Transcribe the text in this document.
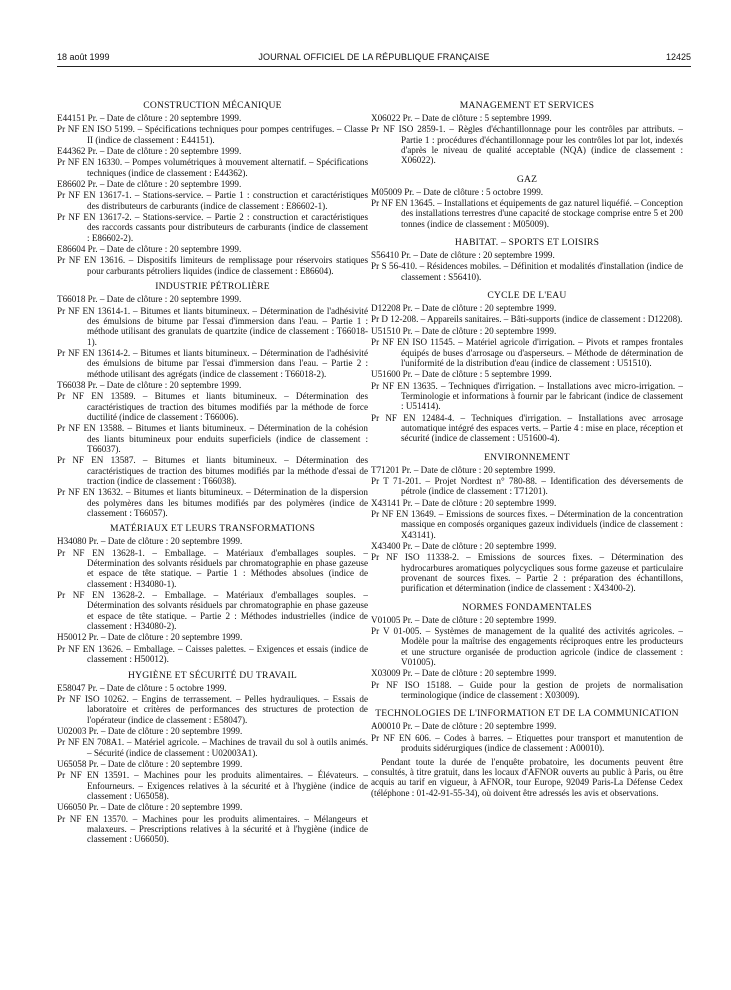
18 août 1999	JOURNAL OFFICIEL DE LA RÉPUBLIQUE FRANÇAISE	12425
CONSTRUCTION MÉCANIQUE
E44151 Pr. – Date de clôture : 20 septembre 1999.
Pr NF EN ISO 5199. – Spécifications techniques pour pompes centrifuges. – Classe II (indice de classement : E44151).
E44362 Pr. – Date de clôture : 20 septembre 1999.
Pr NF EN 16330. – Pompes volumétriques à mouvement alternatif. – Spécifications techniques (indice de classement : E44362).
E86602 Pr. – Date de clôture : 20 septembre 1999.
Pr NF EN 13617-1. – Stations-service. – Partie 1 : construction et caractéristiques des distributeurs de carburants (indice de classement : E86602-1).
Pr NF EN 13617-2. – Stations-service. – Partie 2 : construction et caractéristiques des raccords cassants pour distributeurs de carburants (indice de classement : E86602-2).
E86604 Pr. – Date de clôture : 20 septembre 1999.
Pr NF EN 13616. – Dispositifs limiteurs de remplissage pour réservoirs statiques pour carburants pétroliers liquides (indice de classement : E86604).
INDUSTRIE PÉTROLIÈRE
T66018 Pr. – Date de clôture : 20 septembre 1999.
Pr NF EN 13614-1. – Bitumes et liants bitumineux. – Détermination de l'adhésivité des émulsions de bitume par l'essai d'immersion dans l'eau. – Partie 1 : méthode utilisant des granulats de quartzite (indice de classement : T66018-1).
Pr NF EN 13614-2. – Bitumes et liants bitumineux. – Détermination de l'adhésivité des émulsions de bitume par l'essai d'immersion dans l'eau. – Partie 2 : méthode utilisant des agrégats (indice de classement : T66018-2).
T66038 Pr. – Date de clôture : 20 septembre 1999.
Pr NF EN 13589. – Bitumes et liants bitumineux. – Détermination des caractéristiques de traction des bitumes modifiés par la méthode de force ductilité (indice de classement : T66006).
Pr NF EN 13588. – Bitumes et liants bitumineux. – Détermination de la cohésion des liants bitumineux pour enduits superficiels (indice de classement : T66037).
Pr NF EN 13587. – Bitumes et liants bitumineux. – Détermination des caractéristiques de traction des bitumes modifiés par la méthode d'essai de traction (indice de classement : T66038).
Pr NF EN 13632. – Bitumes et liants bitumineux. – Détermination de la dispersion des polymères dans les bitumes modifiés par des polymères (indice de classement : T66057).
MATÉRIAUX ET LEURS TRANSFORMATIONS
H34080 Pr. – Date de clôture : 20 septembre 1999.
Pr NF EN 13628-1. – Emballage. – Matériaux d'emballages souples. – Détermination des solvants résiduels par chromatographie en phase gazeuse et espace de tête statique. – Partie 1 : Méthodes absolues (indice de classement : H34080-1).
Pr NF EN 13628-2. – Emballage. – Matériaux d'emballages souples. – Détermination des solvants résiduels par chromatographie en phase gazeuse et espace de tête statique. – Partie 2 : Méthodes industrielles (indice de classement : H34080-2).
H50012 Pr. – Date de clôture : 20 septembre 1999.
Pr NF EN 13626. – Emballage. – Caisses palettes. – Exigences et essais (indice de classement : H50012).
HYGIÈNE ET SÉCURITÉ DU TRAVAIL
E58047 Pr. – Date de clôture : 5 octobre 1999.
Pr NF ISO 10262. – Engins de terrassement. – Pelles hydrauliques. – Essais de laboratoire et critères de performances des structures de protection de l'opérateur (indice de classement : E58047).
U02003 Pr. – Date de clôture : 20 septembre 1999.
Pr NF EN 708A1. – Matériel agricole. – Machines de travail du sol à outils animés. – Sécurité (indice de classement : U02003A1).
U65058 Pr. – Date de clôture : 20 septembre 1999.
Pr NF EN 13591. – Machines pour les produits alimentaires. – Élévateurs. – Enfourneurs. – Exigences relatives à la sécurité et à l'hygiène (indice de classement : U65058).
U66050 Pr. – Date de clôture : 20 septembre 1999.
Pr NF EN 13570. – Machines pour les produits alimentaires. – Mélangeurs et malaxeurs. – Prescriptions relatives à la sécurité et à l'hygiène (indice de classement : U66050).
MANAGEMENT ET SERVICES
X06022 Pr. – Date de clôture : 5 septembre 1999.
Pr NF ISO 2859-1. – Règles d'échantillonnage pour les contrôles par attributs. – Partie 1 : procédures d'échantillonnage pour les contrôles lot par lot, indexés d'après le niveau de qualité acceptable (NQA) (indice de classement : X06022).
GAZ
M05009 Pr. – Date de clôture : 5 octobre 1999.
Pr NF EN 13645. – Installations et équipements de gaz naturel liquéfié. – Conception des installations terrestres d'une capacité de stockage comprise entre 5 et 200 tonnes (indice de classement : M05009).
HABITAT. – SPORTS ET LOISIRS
S56410 Pr. – Date de clôture : 20 septembre 1999.
Pr S 56-410. – Résidences mobiles. – Définition et modalités d'installation (indice de classement : S56410).
CYCLE DE L'EAU
D12208 Pr. – Date de clôture : 20 septembre 1999.
Pr D 12-208. – Appareils sanitaires. – Bâti-supports (indice de classement : D12208).
U51510 Pr. – Date de clôture : 20 septembre 1999.
Pr NF EN ISO 11545. – Matériel agricole d'irrigation. – Pivots et rampes frontales équipés de buses d'arrosage ou d'asperseurs. – Méthode de détermination de l'uniformité de la distribution d'eau (indice de classement : U51510).
U51600 Pr. – Date de clôture : 5 septembre 1999.
Pr NF EN 13635. – Techniques d'irrigation. – Installations avec micro-irrigation. – Terminologie et informations à fournir par le fabricant (indice de classement : U51414).
Pr NF EN 12484-4. – Techniques d'irrigation. – Installations avec arrosage automatique intégré des espaces verts. – Partie 4 : mise en place, réception et sécurité (indice de classement : U51600-4).
ENVIRONNEMENT
T71201 Pr. – Date de clôture : 20 septembre 1999.
Pr T 71-201. – Projet Nordtest n° 780-88. – Identification des déversements de pétrole (indice de classement : T71201).
X43141 Pr. – Date de clôture : 20 septembre 1999.
Pr NF EN 13649. – Emissions de sources fixes. – Détermination de la concentration massique en composés organiques gazeux individuels (indice de classement : X43141).
X43400 Pr. – Date de clôture : 20 septembre 1999.
Pr NF ISO 11338-2. – Emissions de sources fixes. – Détermination des hydrocarbures aromatiques polycycliques sous forme gazeuse et particulaire provenant de sources fixes. – Partie 2 : préparation des échantillons, purification et détermination (indice de classement : X43400-2).
NORMES FONDAMENTALES
V01005 Pr. – Date de clôture : 20 septembre 1999.
Pr V 01-005. – Systèmes de management de la qualité des activités agricoles. – Modèle pour la maîtrise des engagements réciproques entre les producteurs et une structure organisée de production agricole (indice de classement : V01005).
X03009 Pr. – Date de clôture : 20 septembre 1999.
Pr NF ISO 15188. – Guide pour la gestion de projets de normalisation terminologique (indice de classement : X03009).
TECHNOLOGIES DE L'INFORMATION ET DE LA COMMUNICATION
A00010 Pr. – Date de clôture : 20 septembre 1999.
Pr NF EN 606. – Codes à barres. – Etiquettes pour transport et manutention de produits sidérurgiques (indice de classement : A00010).
Pendant toute la durée de l'enquête probatoire, les documents peuvent être consultés, à titre gratuit, dans les locaux d'AFNOR ouverts au public à Paris, ou être acquis au tarif en vigueur, à AFNOR, tour Europe, 92049 Paris-La Défense Cedex (téléphone : 01-42-91-55-34), où doivent être adressés les avis et observations.
